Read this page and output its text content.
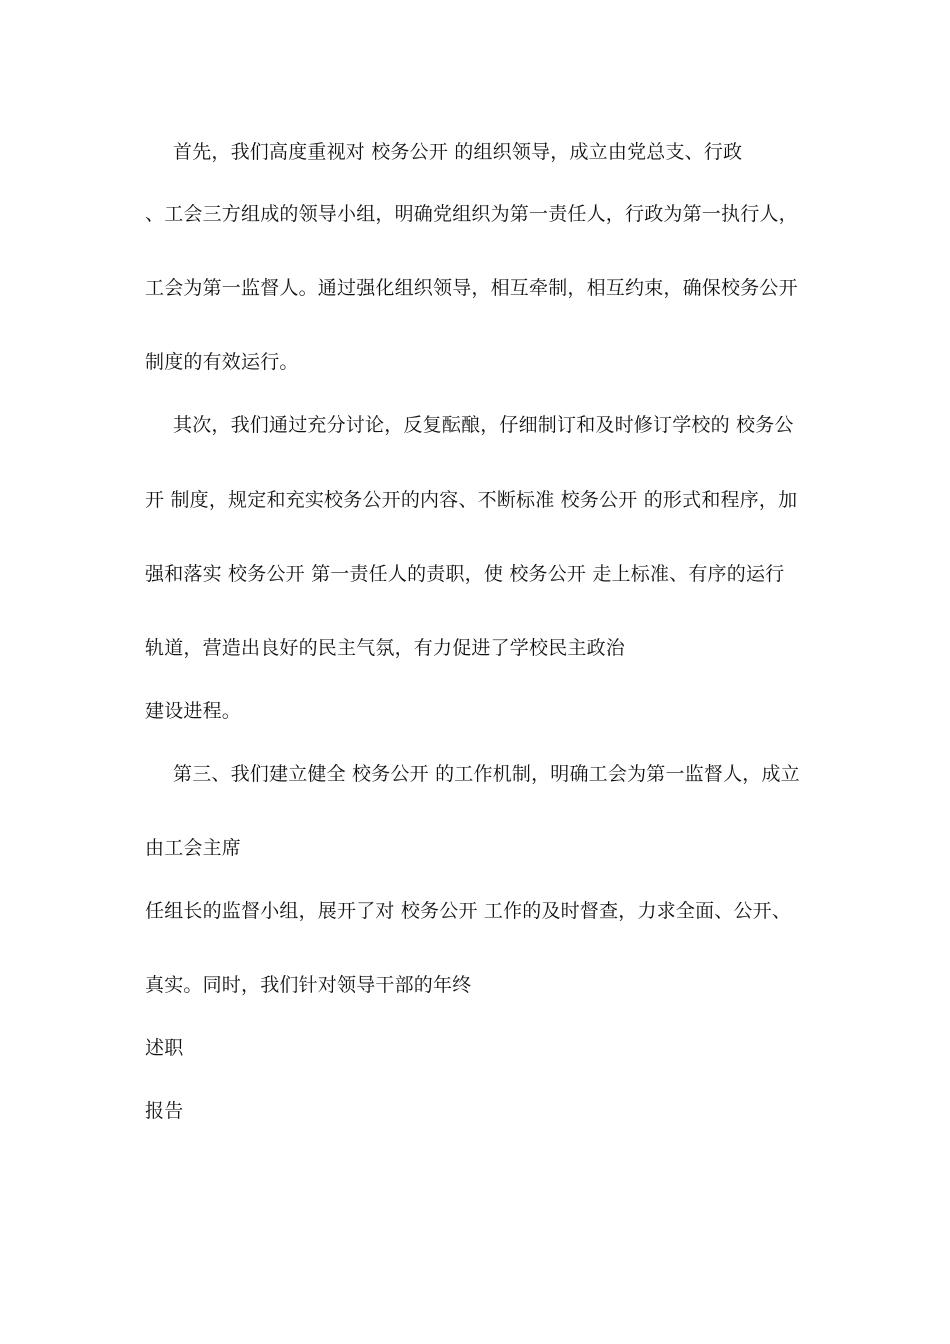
首先，我们高度重视对 校务公开 的组织领导，成立由党总支、行政
、工会三方组成的领导小组，明确党组织为第一责任人，行政为第一执行人，
工会为第一监督人。通过强化组织领导，相互牵制，相互约束，确保校务公开
制度的有效运行。
其次，我们通过充分讨论，反复酝酿，仔细制订和及时修订学校的 校务公
开 制度，规定和充实校务公开的内容、不断标准 校务公开 的形式和程序，加
强和落实 校务公开 第一责任人的责职，使 校务公开 走上标准、有序的运行
轨道，营造出良好的民主气氛，有力促进了学校民主政治
建设进程。
第三、我们建立健全 校务公开 的工作机制，明确工会为第一监督人，成立
由工会主席
任组长的监督小组，展开了对 校务公开 工作的及时督查，力求全面、公开、
真实。同时，我们针对领导干部的年终
述职
报告
